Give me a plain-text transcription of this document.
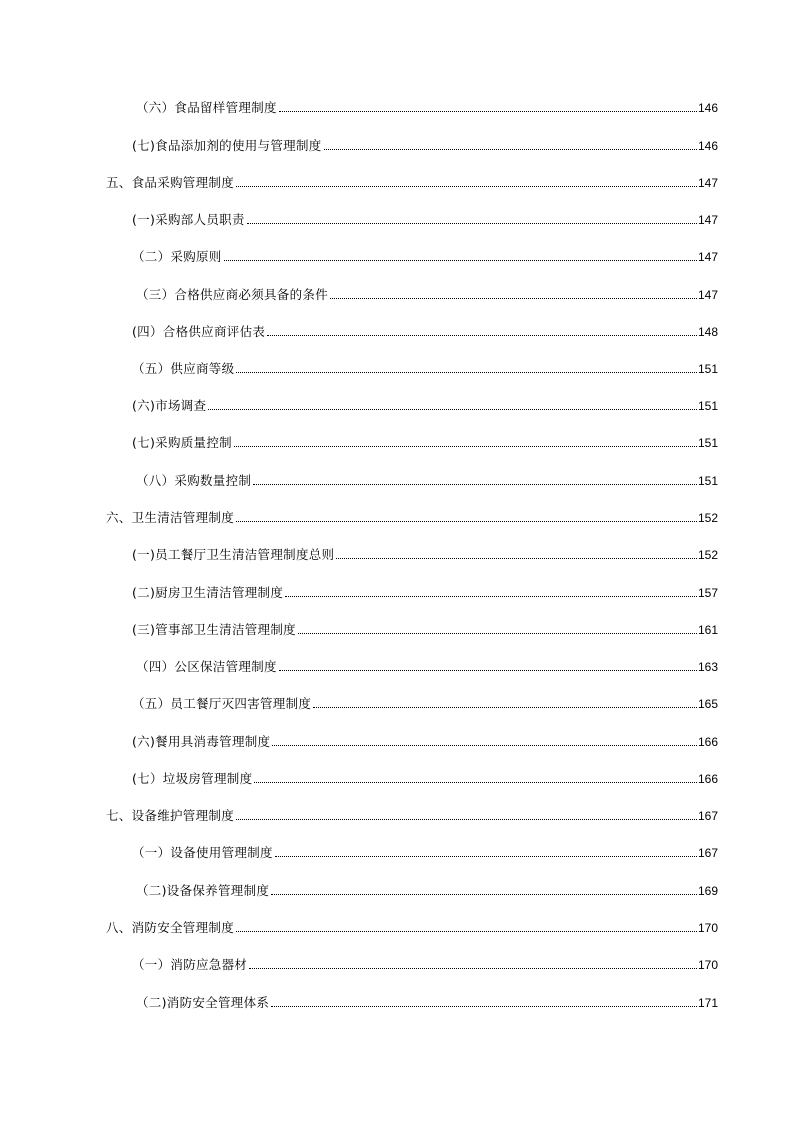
（六）食品留样管理制度	146
(七)食品添加剂的使用与管理制度	146
五、食品采购管理制度	147
(一)采购部人员职责	147
（二）采购原则	147
（三）合格供应商必须具备的条件	147
(四）合格供应商评估表	148
（五）供应商等级	151
(六)市场调查	151
(七)采购质量控制	151
（八）采购数量控制	151
六、卫生清洁管理制度	152
(一)员工餐厅卫生清洁管理制度总则	152
(二)厨房卫生清洁管理制度	157
(三)管事部卫生清洁管理制度	161
（四）公区保洁管理制度	163
（五）员工餐厅灭四害管理制度	165
(六)餐用具消毒管理制度	166
(七）垃圾房管理制度	166
七、设备维护管理制度	167
（一）设备使用管理制度	167
（二)设备保养管理制度	169
八、消防安全管理制度	170
（一）消防应急器材	170
（二)消防安全管理体系	171
